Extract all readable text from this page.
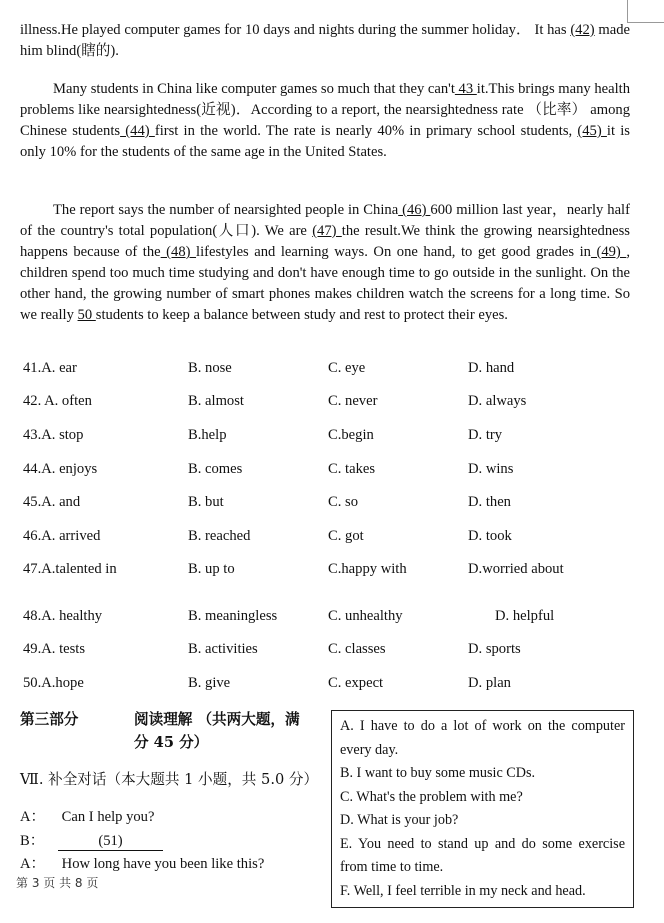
illness.He played computer games for 10 days and nights during the summer holiday． It has (42) made him blind(瞎的).

Many students in China like computer games so much that they can't 43 it.This brings many health problems like nearsightedness(近视)．According to a report, the nearsightedness rate （比率） among Chinese students (44) first in the world. The rate is nearly 40% in primary school students, (45) it is only 10% for the students of the same age in the United States.

The report says the number of nearsighted people in China (46) 600 million last year，nearly half of the country's total population(人口). We are (47) the result.We think the growing nearsightedness happens because of the (48) lifestyles and learning ways. On one hand, to get good grades in (49) , children spend too much time studying and don't have enough time to go outside in the sunlight. On the other hand, the growing number of smart phones makes children watch the screens for a long time. So we really 50 students to keep a balance between study and rest to protect their eyes.

41.A. ear	B. nose	C. eye	D. hand
42. A. often	B. almost	C. never	D. always
43.A. stop	B.help	C.begin	D. try
44.A. enjoys	B. comes	C. takes	D. wins
45.A. and	B. but	C. so	D. then
46.A. arrived	B. reached	C. got	D. took
47.A.talented in	B. up to	C.happy with	D.worried about
48.A. healthy	B. meaningless	C. unhealthy	D. helpful
49.A. tests	B. activities	C. classes	D. sports
50.A.hope	B. give	C. expect	D. plan
第三部分	阅读理解 （共两大题，满
分 45 分）
Ⅶ. 补全对话（本大题共 1 小题，共 5.0 分）
A： Can I help you?
B：	(51)
A： How long have you been like this?
第 3 页 共 8 页
A. I have to do a lot of work on the computer every day.
B. I want to buy some music CDs.
C. What's the problem with me?
D. What is your job?
E. You need to stand up and do some exercise from time to time.
F. Well, I feel terrible in my neck and head.
